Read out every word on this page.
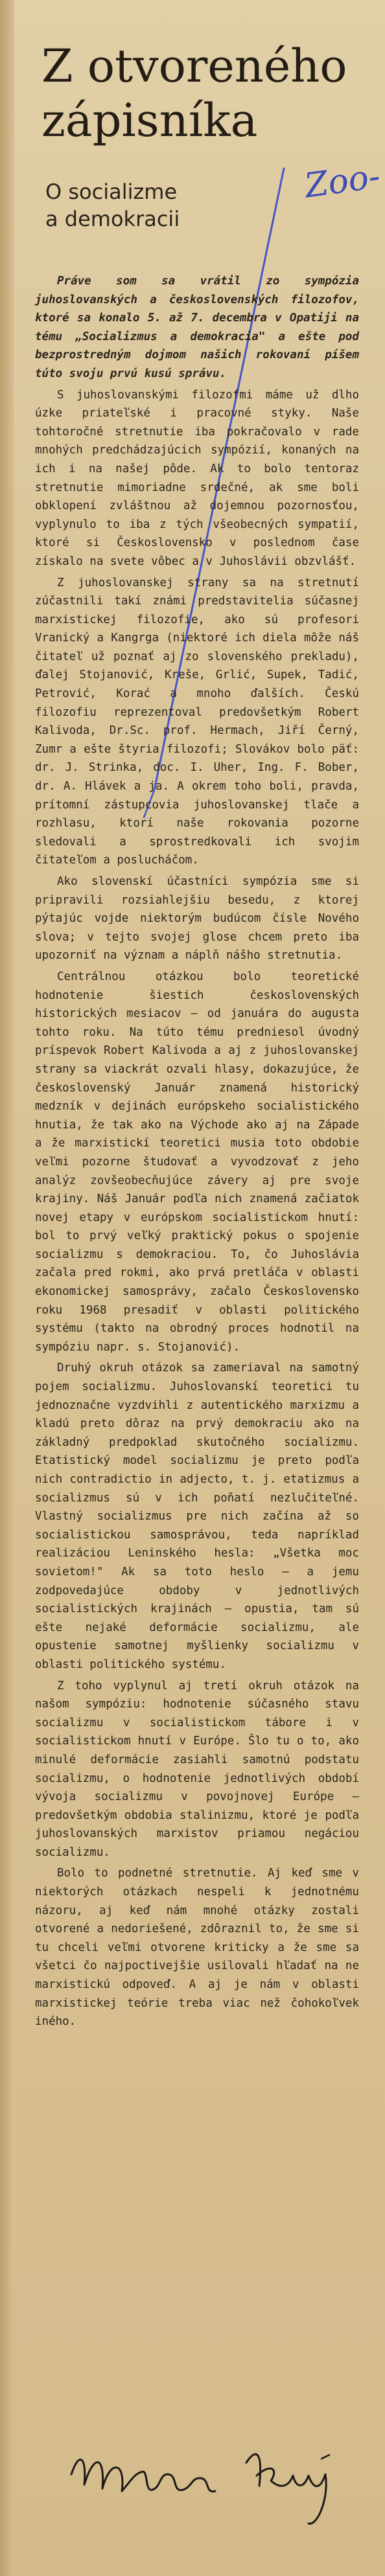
Z otvoreného
zápisníka
O socializme
a demokracii
Zoo-

Práve som sa vrátil zo sympózia juhoslovanských a československých filozofov, ktoré sa konalo 5. až 7. decembra v Opatiji na tému „Socializmus a demokracia" a ešte pod bezprostredným dojmom našich rokovaní píšem túto svoju prvú kusú správu.

S juhoslovanskými filozofmi máme už dlho úzke priateľské i pracovné styky. Naše tohtoročné stretnutie iba pokračovalo v rade mnohých predchádzajúcich sympózií, konaných na ich i na našej pôde. Ak to bolo tentoraz stretnutie mimoriadne srdečné, ak sme boli obklopení zvláštnou až dojemnou pozornosťou, vyplynulo to iba z tých všeobecných sympatií, ktoré si Československo v poslednom čase získalo na svete vôbec a v Juhoslávii obzvlášť.

Z juhoslovanskej strany sa na stretnutí zúčastnili takí známi predstavitelia súčasnej marxistickej filozofie, ako sú profesori Vranický a Kangrga (niektoré ich diela môže náš čitateľ už poznať aj zo slovenského prekladu), ďalej Stojanović, Kreše, Grlić, Supek, Tadić, Petrović, Korać a mnoho ďalších. Českú filozofiu reprezentoval predovšetkým Robert Kalivoda, Dr.Sc. prof. Hermach, Jiří Černý, Zumr a ešte štyria filozofi; Slovákov bolo päť: dr. J. Strinka, doc. I. Uher, Ing. F. Bober, dr. A. Hlávek a ja. A okrem toho boli, pravda, prítomní zástupcovia juhoslovanskej tlače a rozhlasu, ktorí naše rokovania pozorne sledovali a sprostredkovali ich svojim čitateľom a poslucháčom.

Ako slovenskí účastníci sympózia sme si pripravili rozsiahlejšiu besedu, z ktorej pýtajúc vojde niektorým budúcom čísle Nového slova; v tejto svojej glose chcem preto iba upozorniť na význam a náplň nášho stretnutia.

Centrálnou otázkou bolo teoretické hodnotenie šiestich československých historických mesiacov — od januára do augusta tohto roku. Na túto tému predniesol úvodný príspevok Robert Kalivoda a aj z juhoslovanskej strany sa viackrát ozvali hlasy, dokazujúce, že československý Január znamená historický medzník v dejinách európskeho socialistického hnutia, že tak ako na Východe ako aj na Západe a že marxistickí teoretici musia toto obdobie veľmi pozorne študovať a vyvodzovať z jeho analýz zovšeobecňujúce závery aj pre svoje krajiny. Náš Január podľa nich znamená začiatok novej etapy v európskom socialistickom hnutí: bol to prvý veľký praktický pokus o spojenie socializmu s demokraciou. To, čo Juhoslávia začala pred rokmi, ako prvá pretláča v oblasti ekonomickej samosprávy, začalo Československo roku 1968 presadiť v oblasti politického systému (takto na obrodný proces hodnotil na sympóziu napr. s. Stojanović).

Druhý okruh otázok sa zameriaval na samotný pojem socializmu. Juhoslovanskí teoretici tu jednoznačne vyzdvihli z autentického marxizmu a kladú preto dôraz na prvý demokraciu ako na základný predpoklad skutočného socializmu. Etatistický model socializmu je preto podľa nich contradictio in adjecto, t. j. etatizmus a socializmus sú v ich poňatí nezlučiteľné. Vlastný socializmus pre nich začína až so socialistickou samosprávou, teda napríklad realizáciou Leninského hesla: „Všetka moc sovietom!" Ak sa toto heslo — a jemu zodpovedajúce obdoby v jednotlivých socialistických krajinách — opustia, tam sú ešte nejaké deformácie socializmu, ale opustenie samotnej myšlienky socializmu v oblasti politického systému.

Z toho vyplynul aj tretí okruh otázok na našom sympóziu: hodnotenie súčasného stavu socializmu v socialistickom tábore i v socialistickom hnutí v Európe. Šlo tu o to, ako minulé deformácie zasiahli samotnú podstatu socializmu, o hodnotenie jednotlivých období vývoja socializmu v povojnovej Európe — predovšetkým obdobia stalinizmu, ktoré je podľa juhoslovanských marxistov priamou negáciou socializmu.

Bolo to podnetné stretnutie. Aj keď sme v niektorých otázkach nespeli k jednotnému názoru, aj keď nám mnohé otázky zostali otvorené a nedoriešené, zdôraznil to, že sme si tu chceli veľmi otvorene kriticky a že sme sa všetci čo najpoctivejšie usilovali hľadať na ne marxistickú odpoveď. A aj je nám v oblasti marxistickej teórie treba viac než čohokoľvek iného.
